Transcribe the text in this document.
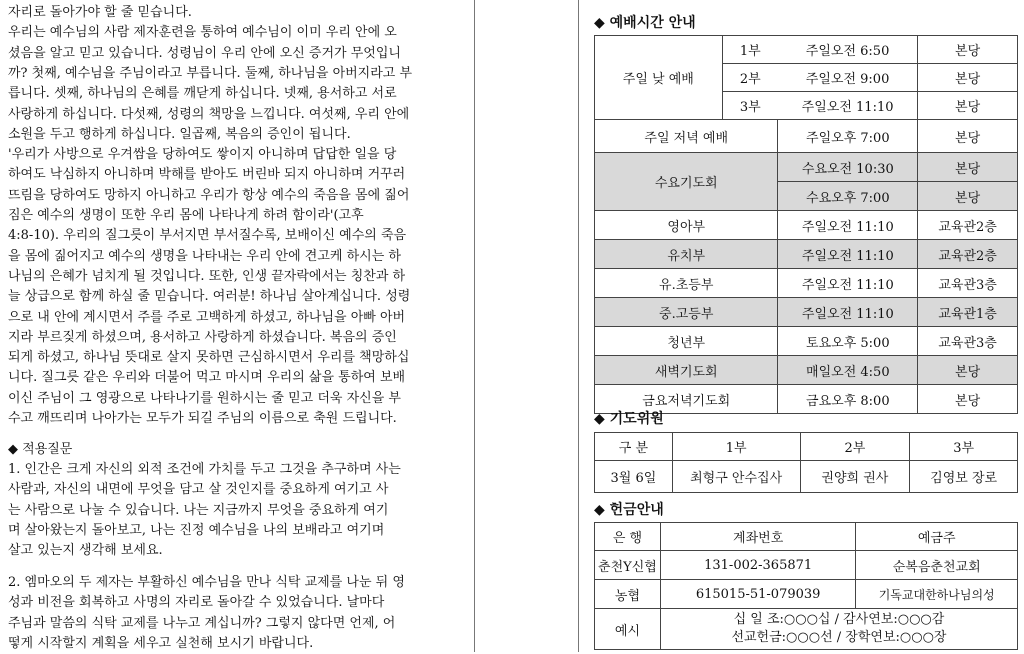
자리로 돌아가야 할 줄 믿습니다.
우리는 예수님의 사람 제자훈련을 통하여 예수님이 이미 우리 안에 오
셨음을 알고 믿고 있습니다. 성령님이 우리 안에 오신 증거가 무엇입니
까? 첫째, 예수님을 주님이라고 부릅니다. 둘째, 하나님을 아버지라고 부
릅니다. 셋째, 하나님의 은혜를 깨닫게 하십니다. 넷째, 용서하고 서로
사랑하게 하십니다. 다섯째, 성령의 책망을 느낍니다. 여섯째, 우리 안에
소원을 두고 행하게 하십니다. 일곱째, 복음의 증인이 됩니다.
'우리가 사방으로 우겨쌈을 당하여도 쌓이지 아니하며 답답한 일을 당
하여도 낙심하지 아니하며 박해를 받아도 버린바 되지 아니하며 거꾸러
뜨림을 당하여도 망하지 아니하고 우리가 항상 예수의 죽음을 몸에 짊어
짐은 예수의 생명이 또한 우리 몸에 나타나게 하려 함이라'(고후
4:8-10). 우리의 질그릇이 부서지면 부서질수록, 보배이신 예수의 죽음
을 몸에 짊어지고 예수의 생명을 나타내는 우리 안에 견고케 하시는 하
나님의 은혜가 넘치게 될 것입니다. 또한, 인생 끝자락에서는 칭찬과 하
늘 상급으로 함께 하실 줄 믿습니다. 여러분! 하나님 살아계십니다. 성령
으로 내 안에 계시면서 주를 주로 고백하게 하셨고, 하나님을 아빠 아버
지라 부르짖게 하셨으며, 용서하고 사랑하게 하셨습니다. 복음의 증인
되게 하셨고, 하나님 뜻대로 살지 못하면 근심하시면서 우리를 책망하십
니다. 질그릇 같은 우리와 더불어 먹고 마시며 우리의 삶을 통하여 보배
이신 주님이 그 영광으로 나타나기를 원하시는 줄 믿고 더욱 자신을 부
수고 깨뜨리며 나아가는 모두가 되길 주님의 이름으로 축원 드립니다.
◆ 적용질문
1. 인간은 크게 자신의 외적 조건에 가치를 두고 그것을 추구하며 사는
사람과, 자신의 내면에 무엇을 담고 살 것인지를 중요하게 여기고 사
는 사람으로 나눌 수 있습니다. 나는 지금까지 무엇을 중요하게 여기
며 살아왔는지 돌아보고, 나는 진정 예수님을 나의 보배라고 여기며
살고 있는지 생각해 보세요.
2. 엠마오의 두 제자는 부활하신 예수님을 만나 식탁 교제를 나눈 뒤 영
성과 비전을 회복하고 사명의 자리로 돌아갈 수 있었습니다. 날마다
주님과 말씀의 식탁 교제를 나누고 계십니까? 그렇지 않다면 언제, 어
떻게 시작할지 계획을 세우고 실천해 보시기 바랍니다.
◆ 예배시간 안내
주일 낮 예배	1부	주일오전 6:50	본당
	2부	주일오전 9:00	본당
	3부	주일오전 11:10	본당
주일 저녁 예배		주일오후 7:00	본당
수요기도회		수요오전 10:30	본당
		수요오후 7:00	본당
영아부		주일오전 11:10	교육관2층
유치부		주일오전 11:10	교육관2층
유.초등부		주일오전 11:10	교육관3층
중.고등부		주일오전 11:10	교육관1층
청년부		토요오후 5:00	교육관3층
새벽기도회		매일오전 4:50	본당
금요저녁기도회		금요오후 8:00	본당
◆ 기도위원
구 분	1부	2부	3부
3월 6일	최형구 안수집사	권양희 권사	김영보 장로
◆ 헌금안내
은 행	계좌번호	예금주
춘천Y신협	131-002-365871	순복음춘천교회
농협	615015-51-079039	기독교대한하나님의성
예시	십 일 조:○○○십 / 감사연보:○○○감
선교헌금:○○○선 / 장학연보:○○○장	
